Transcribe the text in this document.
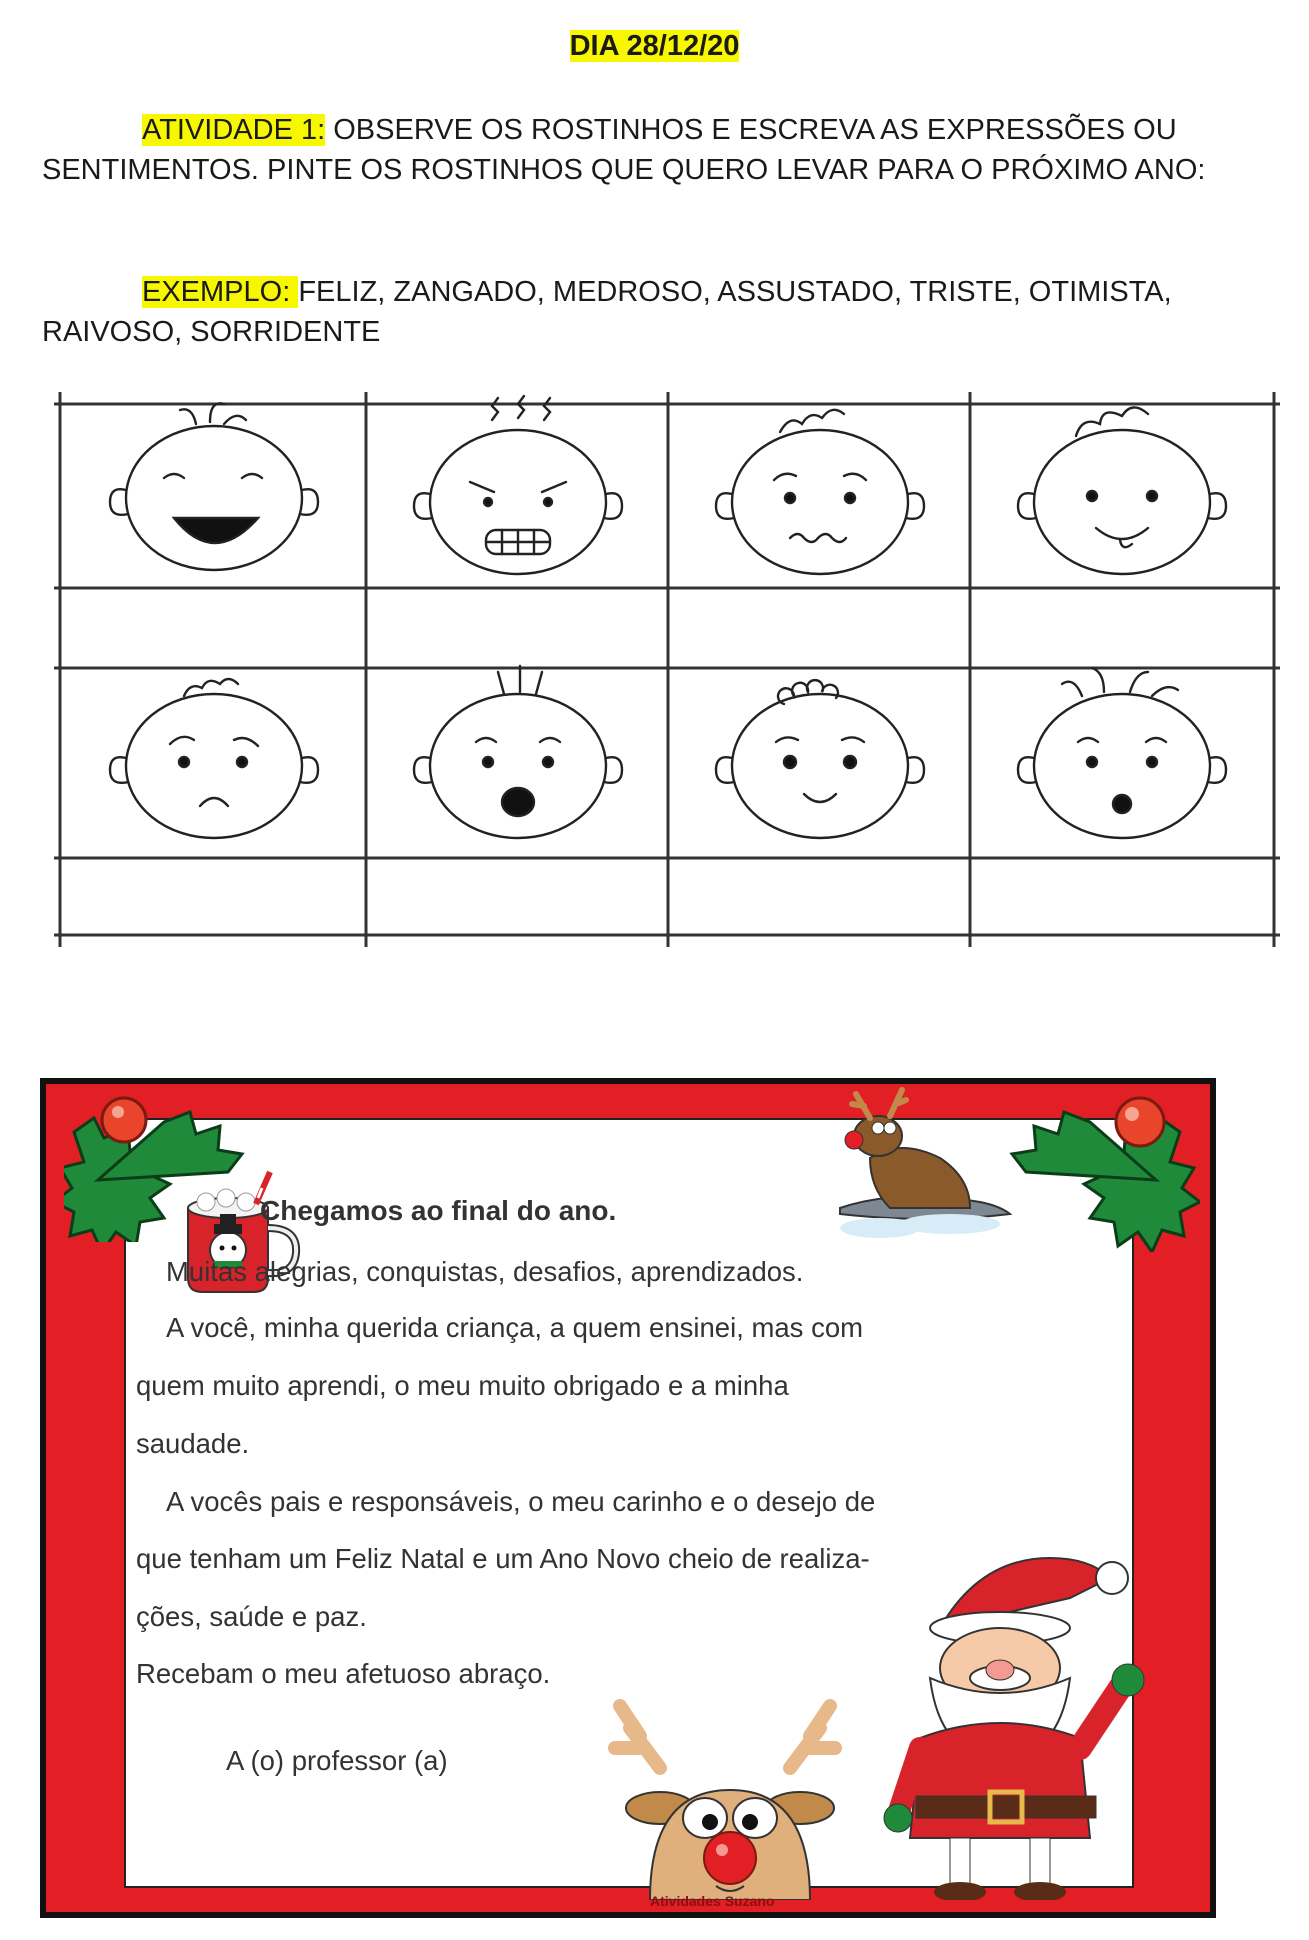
DIA 28/12/20
ATIVIDADE 1: OBSERVE OS ROSTINHOS E ESCREVA AS EXPRESSÕES OU SENTIMENTOS. PINTE OS ROSTINHOS QUE QUERO LEVAR PARA O PRÓXIMO ANO:
EXEMPLO: FELIZ, ZANGADO, MEDROSO, ASSUSTADO, TRISTE, OTIMISTA, RAIVOSO, SORRIDENTE
Chegamos ao final do ano.
Muitas alegrias, conquistas, desafios, aprendizados.
A você, minha querida criança, a quem ensinei, mas com
quem muito aprendi, o meu muito obrigado e a minha
saudade.
A vocês pais e responsáveis, o meu carinho e o desejo de
que tenham um Feliz Natal e um Ano Novo cheio de realiza-
ções, saúde e paz.
Recebam o meu afetuoso abraço.
A (o) professor (a)
Atividades Suzano
